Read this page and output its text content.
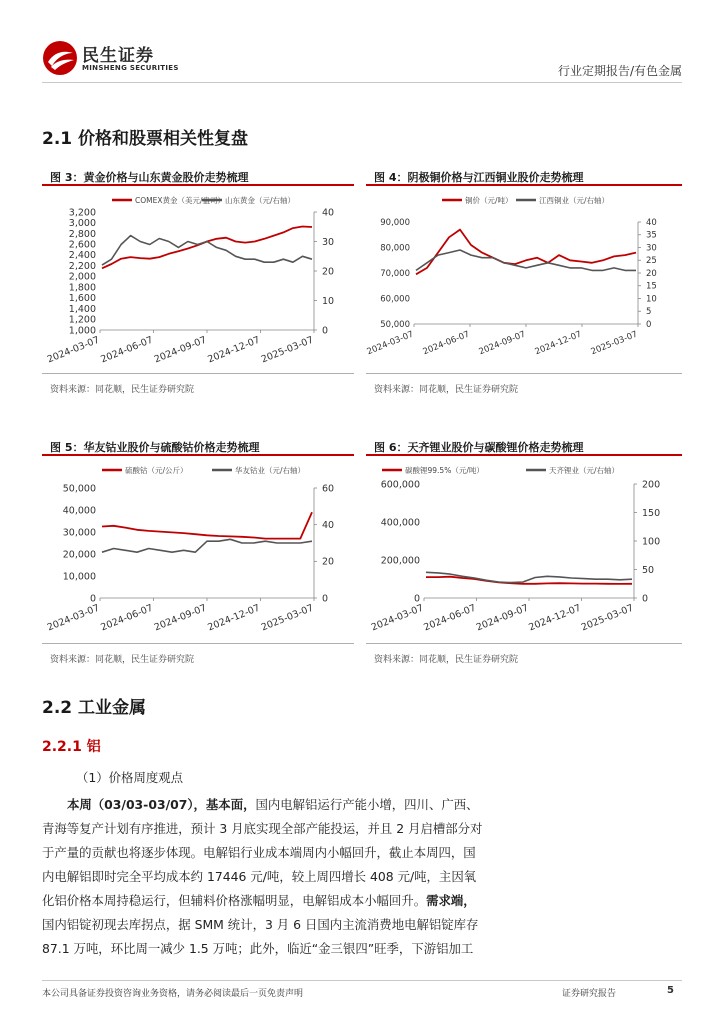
民生证券
MINSHENG SECURITIES	行业定期报告/有色金属
2.1 价格和股票相关性复盘
图 3：黄金价格与山东黄金股价走势梳理
COMEX黄金（美元/盎司） 山东黄金（元/右轴）
3,200
3,000
2,800
2,600
2,400
2,200
2,000
1,800
1,600
1,400
1,200
1,000
40
30
20
10
0
2024-03-07
2024-06-07
2024-09-07
2024-12-07
2025-03-07
资料来源：同花顺，民生证券研究院
图 4：阴极铜价格与江西铜业股价走势梳理
铜价（元/吨）	江西铜业（元/右轴）
90,000
80,000
70,000
60,000
50,000
40
35
30
25
20
15
10
5
0
2024-03-07 2024-06-07 2024-09-07 2024-12-07 2025-03-07
资料来源：同花顺，民生证券研究院
图 5：华友钴业股价与硫酸钴价格走势梳理
硫酸钴（元/公斤）	华友钴业（元/右轴）
50,000
40,000
30,000
20,000
10,000
0
60
40
20
0
2024-03-07
2024-06-07
2024-09-07
2024-12-07
2025-03-07
资料来源：同花顺，民生证券研究院
图 6：天齐锂业股价与碳酸锂价格走势梳理
碳酸锂99.5%（元/吨）	天齐锂业（元/右轴）
600,000
400,000
200,000
0
200
150
100
50
0
2024-03-07
2024-06-07
2024-09-07
2024-12-07
2025-03-07
资料来源：同花顺，民生证券研究院
2.2 工业金属
2.2.1 铝
（1）价格周度观点
本周（03/03-03/07），基本面，国内电解铝运行产能小增，四川、广西、
青海等复产计划有序推进，预计 3 月底实现全部产能投运，并且 2 月启槽部分对
于产量的贡献也将逐步体现。电解铝行业成本端周内小幅回升，截止本周四，国
内电解铝即时完全平均成本约 17446 元/吨，较上周四增长 408 元/吨，主因氧
化铝价格本周持稳运行，但辅料价格涨幅明显，电解铝成本小幅回升。需求端，
国内铝锭初现去库拐点，据 SMM 统计，3 月 6 日国内主流消费地电解铝锭库存
87.1 万吨，环比周一减少 1.5 万吨；此外，临近“金三银四”旺季，下游铝加工
本公司具备证券投资咨询业务资格，请务必阅读最后一页免责声明	证券研究报告	5
